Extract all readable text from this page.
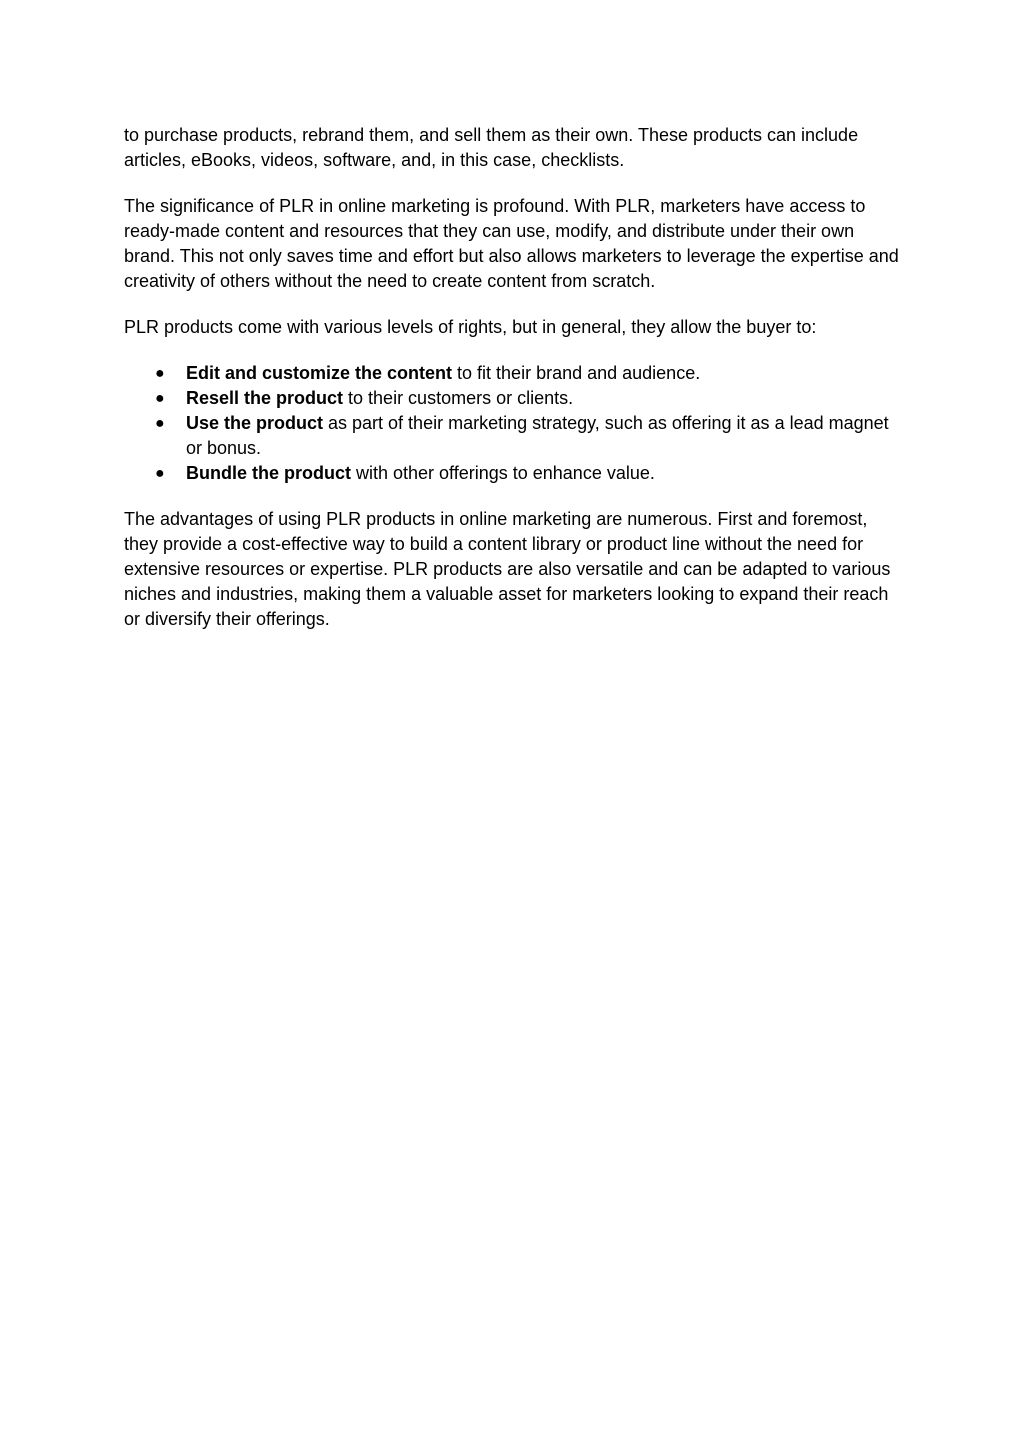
to purchase products, rebrand them, and sell them as their own. These products can include articles, eBooks, videos, software, and, in this case, checklists.

The significance of PLR in online marketing is profound. With PLR, marketers have access to ready-made content and resources that they can use, modify, and distribute under their own brand. This not only saves time and effort but also allows marketers to leverage the expertise and creativity of others without the need to create content from scratch.

PLR products come with various levels of rights, but in general, they allow the buyer to:

● Edit and customize the content to fit their brand and audience.
● Resell the product to their customers or clients.
● Use the product as part of their marketing strategy, such as offering it as a lead magnet or bonus.
● Bundle the product with other offerings to enhance value.

The advantages of using PLR products in online marketing are numerous. First and foremost, they provide a cost-effective way to build a content library or product line without the need for extensive resources or expertise. PLR products are also versatile and can be adapted to various niches and industries, making them a valuable asset for marketers looking to expand their reach or diversify their offerings.
